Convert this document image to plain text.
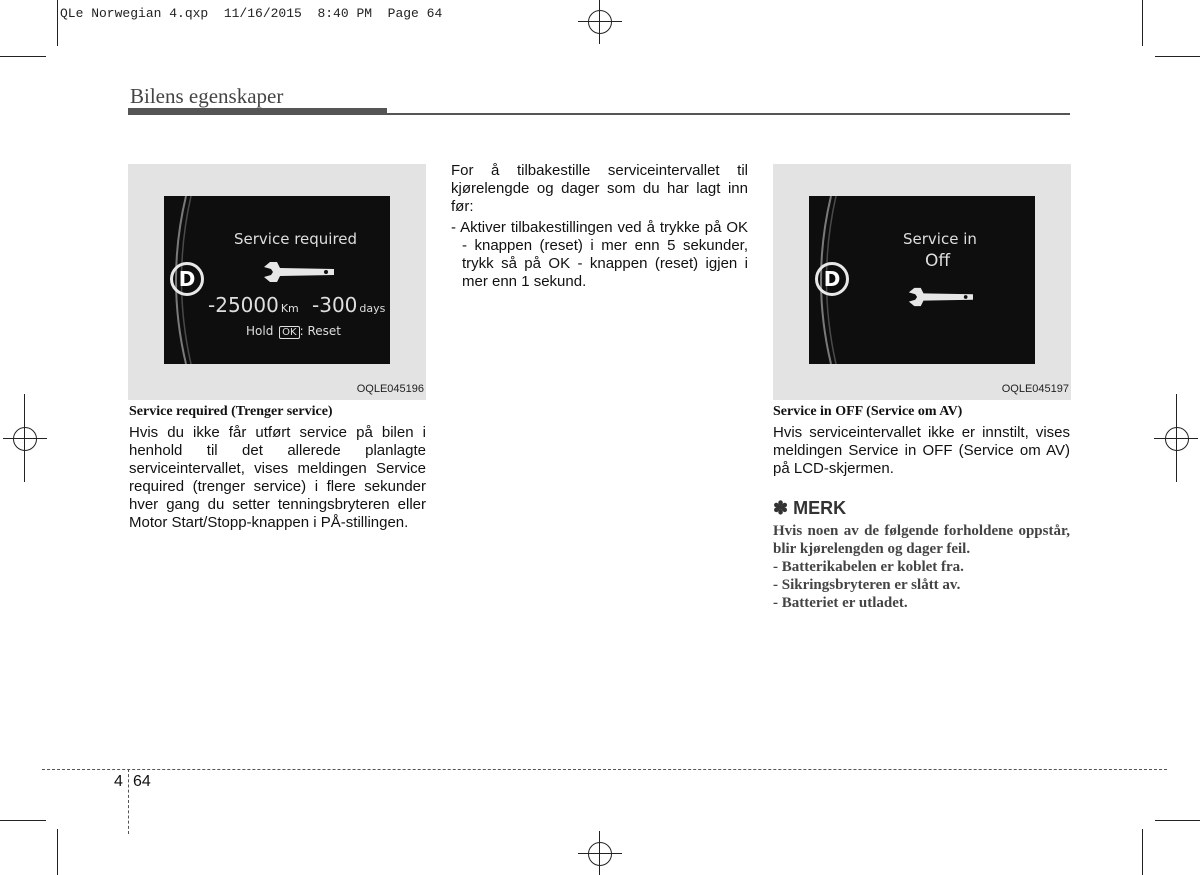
QLe Norwegian 4.qxp  11/16/2015  8:40 PM  Page 64
Bilens egenskaper
Service required
D
-25000 Km -300 days
Hold OK : Reset
OQLE045196
Service in
Off
D
OQLE045197
Service required (Trenger service)
Hvis du ikke får utført service på bilen i henhold til det allerede planlagte serviceintervallet, vises meldingen Service required (trenger service) i flere sekunder hver gang du setter tenningsbryteren eller Motor Start/Stopp-knappen i PÅ-stillingen.
For å tilbakestille serviceintervallet til kjørelengde og dager som du har lagt inn før:
- Aktiver tilbakestillingen ved å trykke på OK - knappen (reset) i mer enn 5 sekunder, trykk så på OK - knappen (reset) igjen i mer enn 1 sekund.
Service in OFF (Service om AV)
Hvis serviceintervallet ikke er innstilt, vises meldingen Service in OFF (Service om AV) på LCD-skjermen.
✽ MERK
Hvis noen av de følgende forholdene oppstår, blir kjørelengden og dager feil.
- Batterikabelen er koblet fra.
- Sikringsbryteren er slått av.
- Batteriet er utladet.
4 64
